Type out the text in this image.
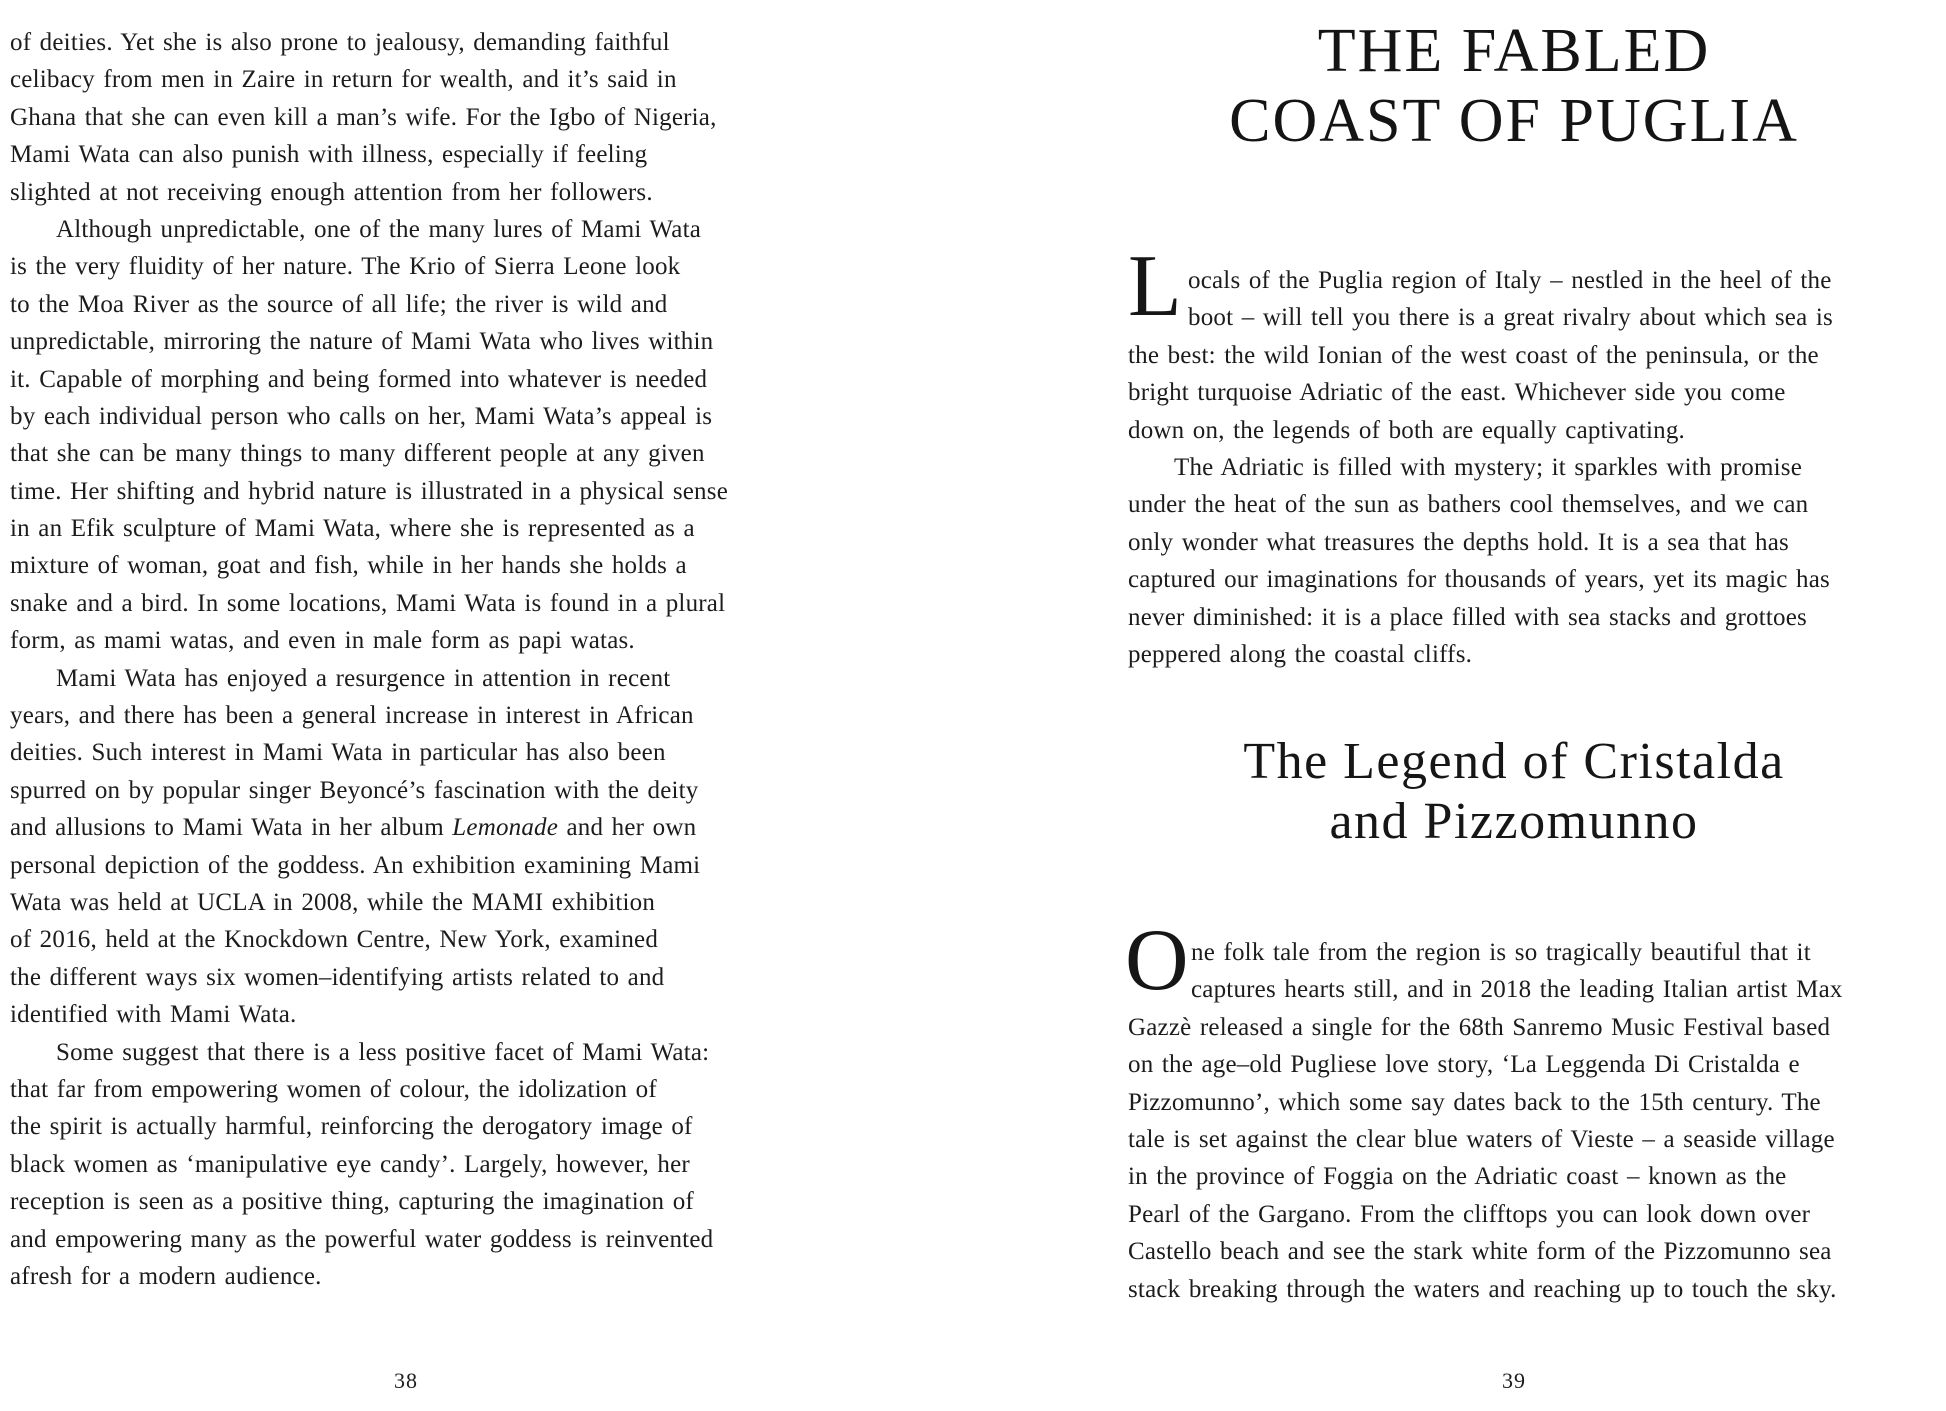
of deities. Yet she is also prone to jealousy, demanding faithful
celibacy from men in Zaire in return for wealth, and it’s said in
Ghana that she can even kill a man’s wife. For the Igbo of Nigeria,
Mami Wata can also punish with illness, especially if feeling
slighted at not receiving enough attention from her followers.
Although unpredictable, one of the many lures of Mami Wata
is the very fluidity of her nature. The Krio of Sierra Leone look
to the Moa River as the source of all life; the river is wild and
unpredictable, mirroring the nature of Mami Wata who lives within
it. Capable of morphing and being formed into whatever is needed
by each individual person who calls on her, Mami Wata’s appeal is
that she can be many things to many different people at any given
time. Her shifting and hybrid nature is illustrated in a physical sense
in an Efik sculpture of Mami Wata, where she is represented as a
mixture of woman, goat and fish, while in her hands she holds a
snake and a bird. In some locations, Mami Wata is found in a plural
form, as mami watas, and even in male form as papi watas.
Mami Wata has enjoyed a resurgence in attention in recent
years, and there has been a general increase in interest in African
deities. Such interest in Mami Wata in particular has also been
spurred on by popular singer Beyoncé’s fascination with the deity
and allusions to Mami Wata in her album Lemonade and her own
personal depiction of the goddess. An exhibition examining Mami
Wata was held at UCLA in 2008, while the MAMI exhibition
of 2016, held at the Knockdown Centre, New York, examined
the different ways six women–identifying artists related to and
identified with Mami Wata.
Some suggest that there is a less positive facet of Mami Wata:
that far from empowering women of colour, the idolization of
the spirit is actually harmful, reinforcing the derogatory image of
black women as ‘manipulative eye candy’. Largely, however, her
reception is seen as a positive thing, capturing the imagination of
and empowering many as the powerful water goddess is reinvented
afresh for a modern audience.
38
THE FABLED
COAST OF PUGLIA
L ocals of the Puglia region of Italy – nestled in the heel of the
boot – will tell you there is a great rivalry about which sea is
the best: the wild Ionian of the west coast of the peninsula, or the
bright turquoise Adriatic of the east. Whichever side you come
down on, the legends of both are equally captivating.
The Adriatic is filled with mystery; it sparkles with promise
under the heat of the sun as bathers cool themselves, and we can
only wonder what treasures the depths hold. It is a sea that has
captured our imaginations for thousands of years, yet its magic has
never diminished: it is a place filled with sea stacks and grottoes
peppered along the coastal cliffs.
The Legend of Cristalda
and Pizzomunno
O ne folk tale from the region is so tragically beautiful that it
captures hearts still, and in 2018 the leading Italian artist Max
Gazzè released a single for the 68th Sanremo Music Festival based
on the age–old Pugliese love story, ‘La Leggenda Di Cristalda e
Pizzomunno’, which some say dates back to the 15th century. The
tale is set against the clear blue waters of Vieste – a seaside village
in the province of Foggia on the Adriatic coast – known as the
Pearl of the Gargano. From the clifftops you can look down over
Castello beach and see the stark white form of the Pizzomunno sea
stack breaking through the waters and reaching up to touch the sky.
39
